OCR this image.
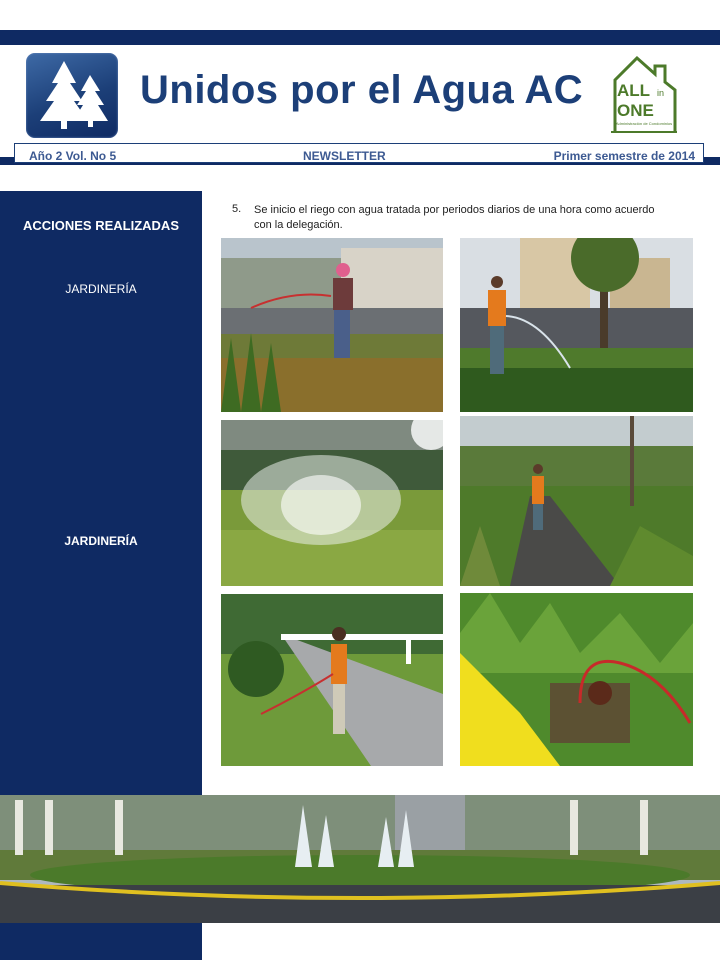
Unidos por el Agua AC ALL in
ONE
Administración de Condominios
Año 2 Vol. No 5	NEWSLETTER	Primer semestre de 2014
ACCIONES REALIZADAS
JARDINERÍA
JARDINERÍA
5. Se inicio el riego con agua tratada por periodos diarios de una hora como acuerdo con la delegación.
